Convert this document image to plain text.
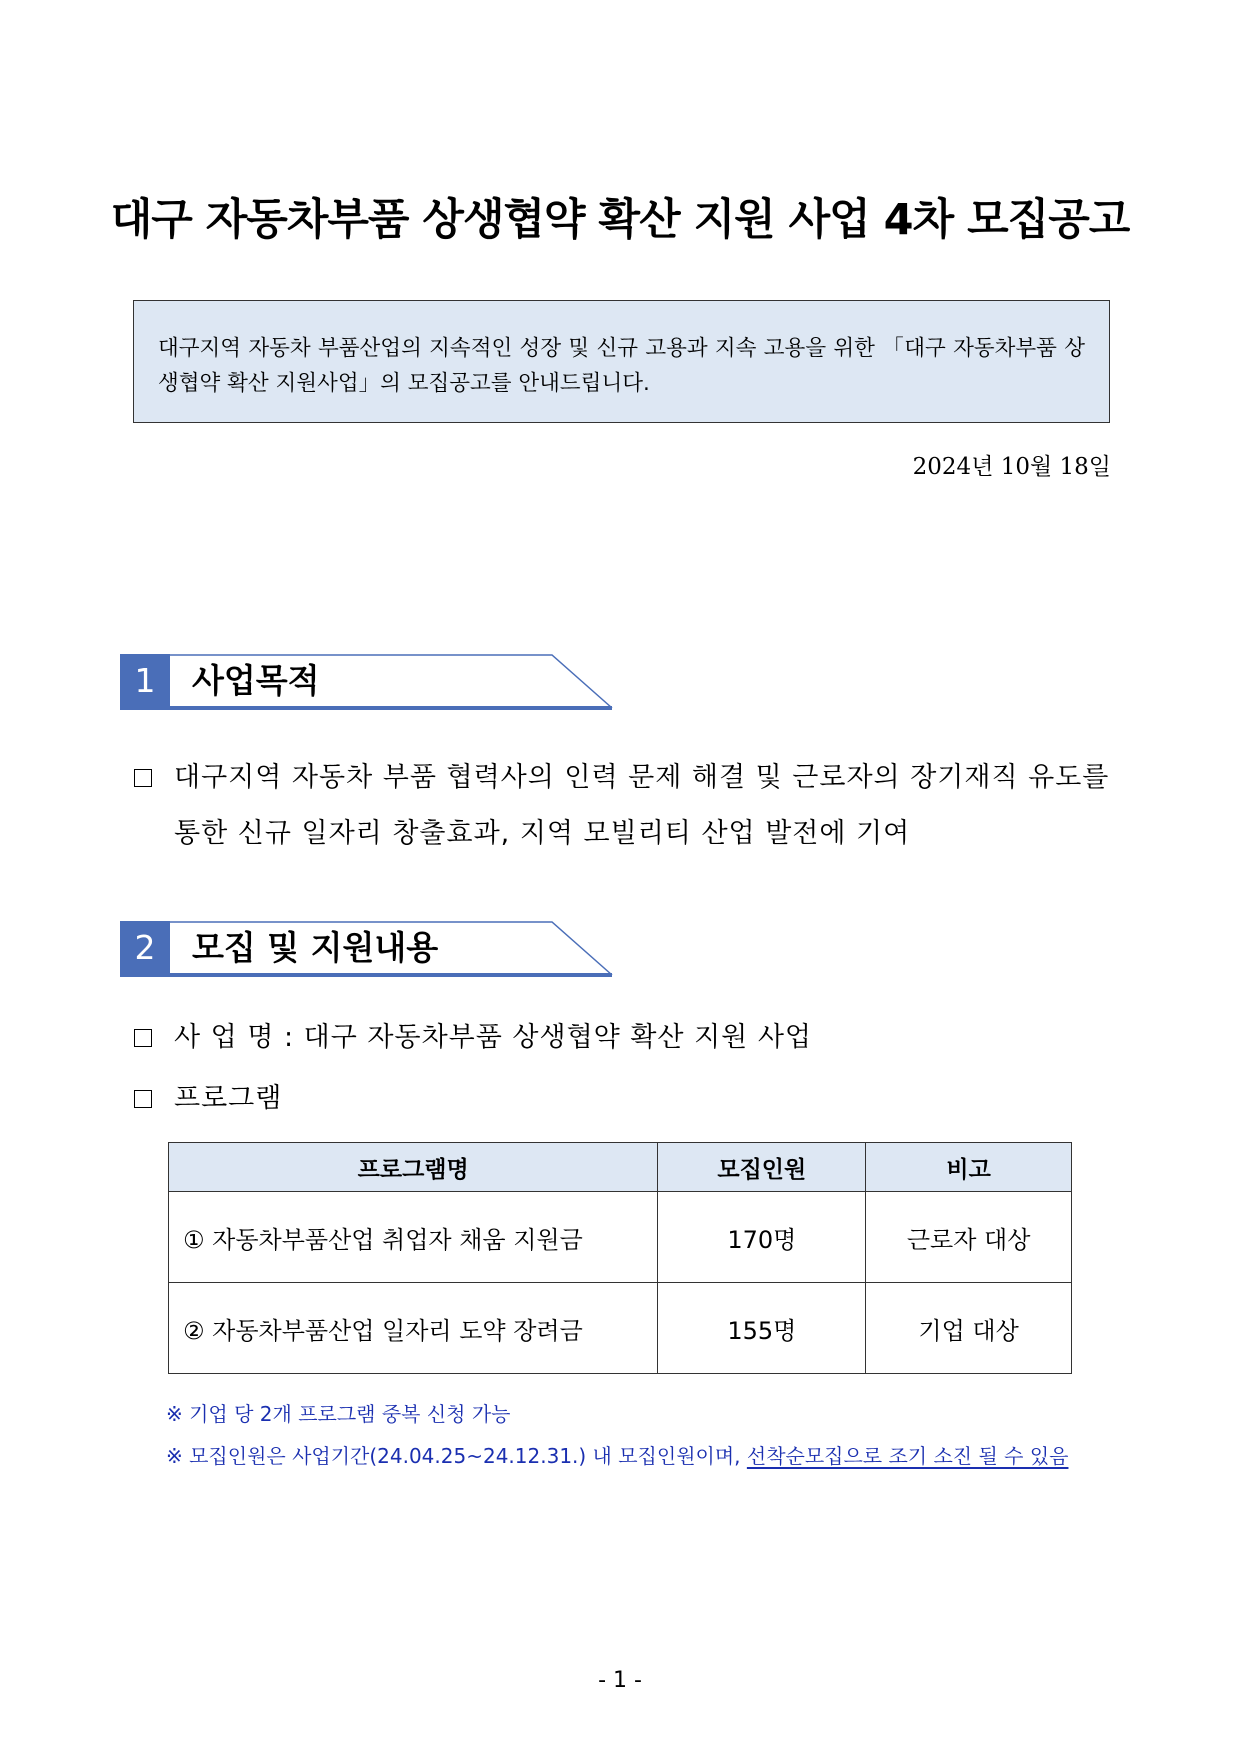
대구 자동차부품 상생협약 확산 지원 사업 4차 모집공고
대구지역 자동차 부품산업의 지속적인 성장 및 신규 고용과 지속 고용을 위한 「대구 자동차부품 상생협약 확산 지원사업」의 모집공고를 안내드립니다.
2024년 10월 18일
1	사업목적
대구지역 자동차 부품 협력사의 인력 문제 해결 및 근로자의 장기재직 유도를
통한 신규 일자리 창출효과, 지역 모빌리티 산업 발전에 기여
2	모집 및 지원내용
사 업 명 : 대구 자동차부품 상생협약 확산 지원 사업
프로그램
프로그램명	모집인원	비고
① 자동차부품산업 취업자 채움 지원금	170명	근로자 대상
② 자동차부품산업 일자리 도약 장려금	155명	기업 대상
※ 기업 당 2개 프로그램 중복 신청 가능
※ 모집인원은 사업기간(24.04.25~24.12.31.) 내 모집인원이며, 선착순모집으로 조기 소진 될 수 있음
- 1 -
